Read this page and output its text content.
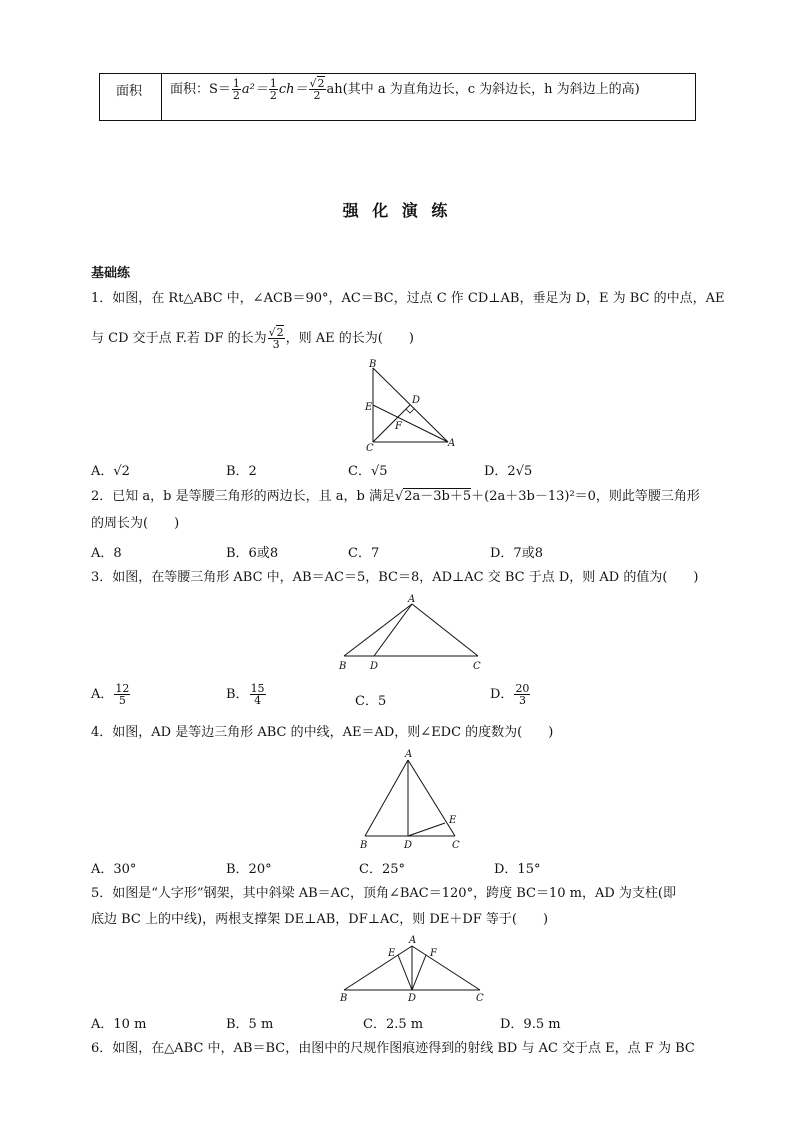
面积 面积：$S= \frac{1}{2} a^2= \frac{1}{2} ch= \frac{√2}{2} ah$(其中 a 为直角边长，c 为斜边长，h 为斜边上的高)
强 化 演 练
基础练
1．如图，在 Rt△ABC 中，∠ACB＝90°，AC＝BC，过点 C 作 CD⊥AB，垂足为 D，E 为 BC 的中点，AE
与 CD 交于点 F.若 DF 的长为 $\frac{√2}{3}$ ，则 AE 的长为(　　)
B
D
E
F
C	A
A．√2	B．2	C．√5	D．2√5
2．已知 a，b 是等腰三角形的两边长，且 a，b 满足√2a－3b＋5＋(2a＋3b－13)²＝0，则此等腰三角形
的周长为(　　)
A．8	B．6或8	C．7	D．7或8
3．如图，在等腰三角形 ABC 中，AB＝AC＝5，BC＝8，AD⊥AC 交 BC 于点 D，则 AD 的值为(　　)
A
B D	C
A． $\frac{12}{5}$	B． $\frac{15}{4}$	C．5	D． $\frac{20}{3}$
4．如图，AD 是等边三角形 ABC 的中线，AE＝AD，则∠EDC 的度数为(　　)
A
E
B	D	C
A．30°	B．20°	C．25°	D．15°
5．如图是“人字形”钢架，其中斜梁 AB＝AC，顶角∠BAC＝120°，跨度 BC＝10 m，AD 为支柱(即
底边 BC 上的中线)，两根支撑架 DE⊥AB，DF⊥AC，则 DE＋DF 等于(　　)
A
E	F
B	D	C
A．10 m	B．5 m	C．2.5 m	D．9.5 m
6．如图，在△ABC 中，AB＝BC，由图中的尺规作图痕迹得到的射线 BD 与 AC 交于点 E，点 F 为 BC
